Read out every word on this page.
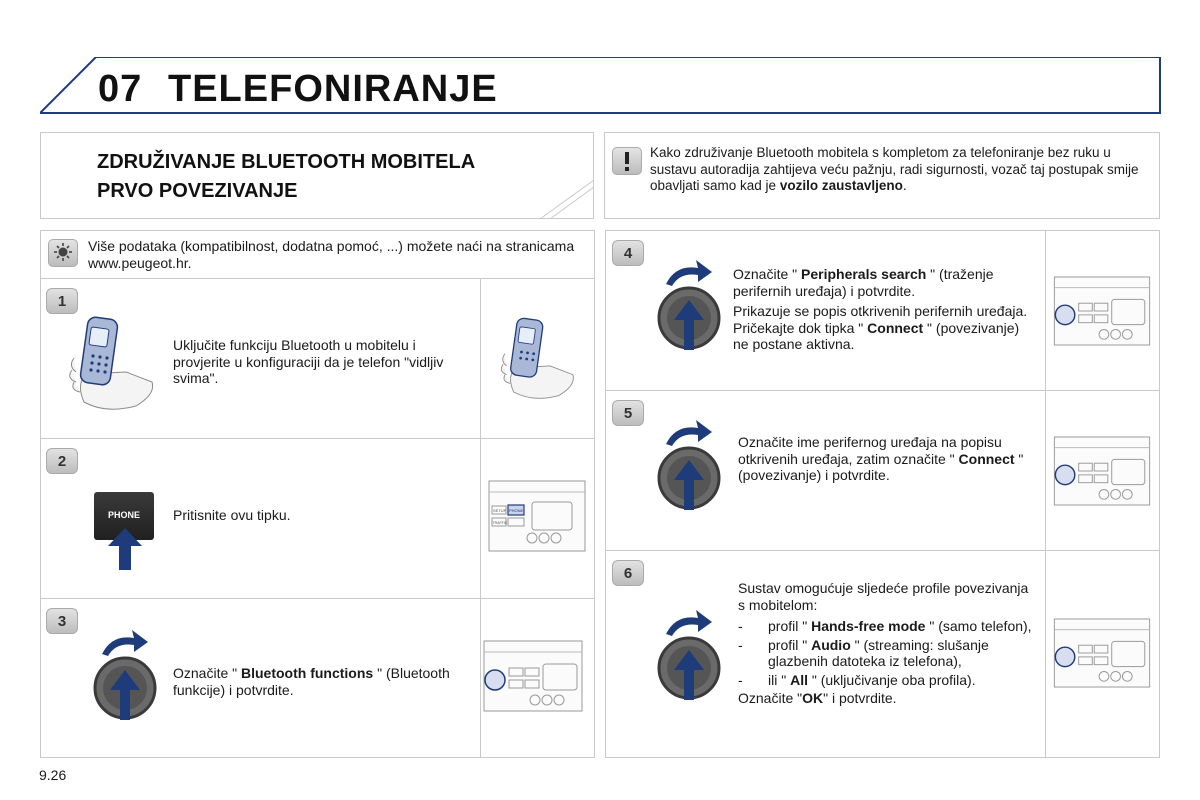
07 TELEFONIRANJE
ZDRUŽIVANJE BLUETOOTH MOBITELA
PRVO POVEZIVANJE
Kako združivanje Bluetooth mobitela s kompletom za telefoniranje bez ruku u sustavu autoradija zahtijeva veću pažnju, radi sigurnosti, vozač taj postupak smije obavljati samo kad je vozilo zaustavljeno.
Više podataka (kompatibilnost, dodatna pomoć, ...) možete naći na stranicama www.peugeot.hr.
1
Uključite funkciju Bluetooth u mobitelu i provjerite u konfiguraciji da je telefon "vidljiv svima".
2
PHONE	Pritisnite ovu tipku.
3
Označite " Bluetooth functions " (Bluetooth funkcije) i potvrdite.
4
Označite " Peripherals search " (traženje perifernih uređaja) i potvrdite.
Prikazuje se popis otkrivenih perifernih uređaja. Pričekajte dok tipka " Connect " (povezivanje) ne postane aktivna.
5
Označite ime perifernog uređaja na popisu otkrivenih uređaja, zatim označite " Connect " (povezivanje) i potvrdite.
6
Sustav omogućuje sljedeće profile povezivanja s mobitelom:
- profil " Hands-free mode " (samo telefon),
- profil " Audio " (streaming: slušanje glazbenih datoteka iz telefona),
- ili " All " (uključivanje oba profila).
Označite "OK" i potvrdite.
SETUP PHONE
TRAFFIC
9.26
